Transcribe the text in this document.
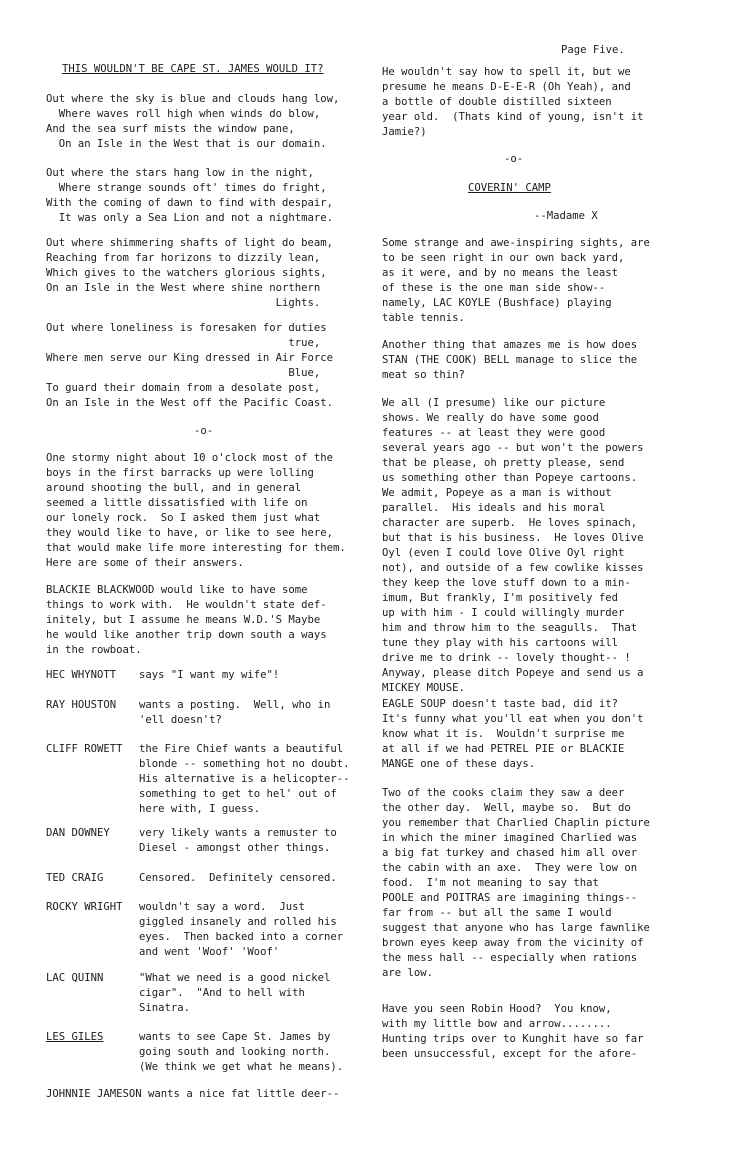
Page Five.
THIS WOULDN'T BE CAPE ST. JAMES WOULD IT?
Out where the sky is blue and clouds hang low,
Where waves roll high when winds do blow,
And the sea surf mists the window pane,
On an Isle in the West that is our domain.
Out where the stars hang low in the night,
Where strange sounds oft' times do fright,
With the coming of dawn to find with despair,
It was only a Sea Lion and not a nightmare.
Out where shimmering shafts of light do beam,
Reaching from far horizons to dizzily lean,
Which gives to the watchers glorious sights,
On an Isle in the West where shine northern
Lights.
Out where loneliness is foresaken for duties
true,
Where men serve our King dressed in Air Force
Blue,
To guard their domain from a desolate post,
On an Isle in the West off the Pacific Coast.
-o-
One stormy night about 10 o'clock most of the
boys in the first barracks up were lolling
around shooting the bull, and in general
seemed a little dissatisfied with life on
our lonely rock.  So I asked them just what
they would like to have, or like to see here,
that would make life more interesting for them.
Here are some of their answers.
BLACKIE BLACKWOOD would like to have some
things to work with.  He wouldn't state def-
initely, but I assume he means W.D.'S Maybe
he would like another trip down south a ways
in the rowboat.
HEC WHYNOTT says "I want my wife"!
RAY HOUSTON wants a posting.  Well, who in
'ell doesn't?
CLIFF ROWETT the Fire Chief wants a beautiful
blonde -- something hot no doubt.
His alternative is a helicopter--
something to get to hel' out of
here with, I guess.
DAN DOWNEY	very likely wants a remuster to
Diesel - amongst other things.
TED CRAIG	Censored.  Definitely censored.
ROCKY WRIGHT wouldn't say a word.  Just
giggled insanely and rolled his
eyes.  Then backed into a corner
and went 'Woof' 'Woof'
LAC QUINN	"What we need is a good nickel
cigar".  "And to hell with
Sinatra.
LES GILES	wants to see Cape St. James by
going south and looking north.
(We think we get what he means).
JOHNNIE JAMESON wants a nice fat little deer--
He wouldn't say how to spell it, but we
presume he means D-E-E-R (Oh Yeah), and
a bottle of double distilled sixteen
year old.  (Thats kind of young, isn't it
Jamie?)
-o-
COVERIN' CAMP
--Madame X
Some strange and awe-inspiring sights, are
to be seen right in our own back yard,
as it were, and by no means the least
of these is the one man side show--
namely, LAC KOYLE (Bushface) playing
table tennis.
Another thing that amazes me is how does
STAN (THE COOK) BELL manage to slice the
meat so thin?
We all (I presume) like our picture
shows. We really do have some good
features -- at least they were good
several years ago -- but won't the powers
that be please, oh pretty please, send
us something other than Popeye cartoons.
We admit, Popeye as a man is without
parallel.  His ideals and his moral
character are superb.  He loves spinach,
but that is his business.  He loves Olive
Oyl (even I could love Olive Oyl right
not), and outside of a few cowlike kisses
they keep the love stuff down to a min-
imum, But frankly, I'm positively fed
up with him - I could willingly murder
him and throw him to the seagulls.  That
tune they play with his cartoons will
drive me to drink -- lovely thought-- !
Anyway, please ditch Popeye and send us a
MICKEY MOUSE.
EAGLE SOUP doesn't taste bad, did it?
It's funny what you'll eat when you don't
know what it is.  Wouldn't surprise me
at all if we had PETREL PIE or BLACKIE
MANGE one of these days.
Two of the cooks claim they saw a deer
the other day.  Well, maybe so.  But do
you remember that Charlied Chaplin picture
in which the miner imagined Charlied was
a big fat turkey and chased him all over
the cabin with an axe.  They were low on
food.  I'm not meaning to say that
POOLE and POITRAS are imagining things--
far from -- but all the same I would
suggest that anyone who has large fawnlike
brown eyes keep away from the vicinity of
the mess hall -- especially when rations
are low.
Have you seen Robin Hood?  You know,
with my little bow and arrow........
Hunting trips over to Kunghit have so far
been unsuccessful, except for the afore-
